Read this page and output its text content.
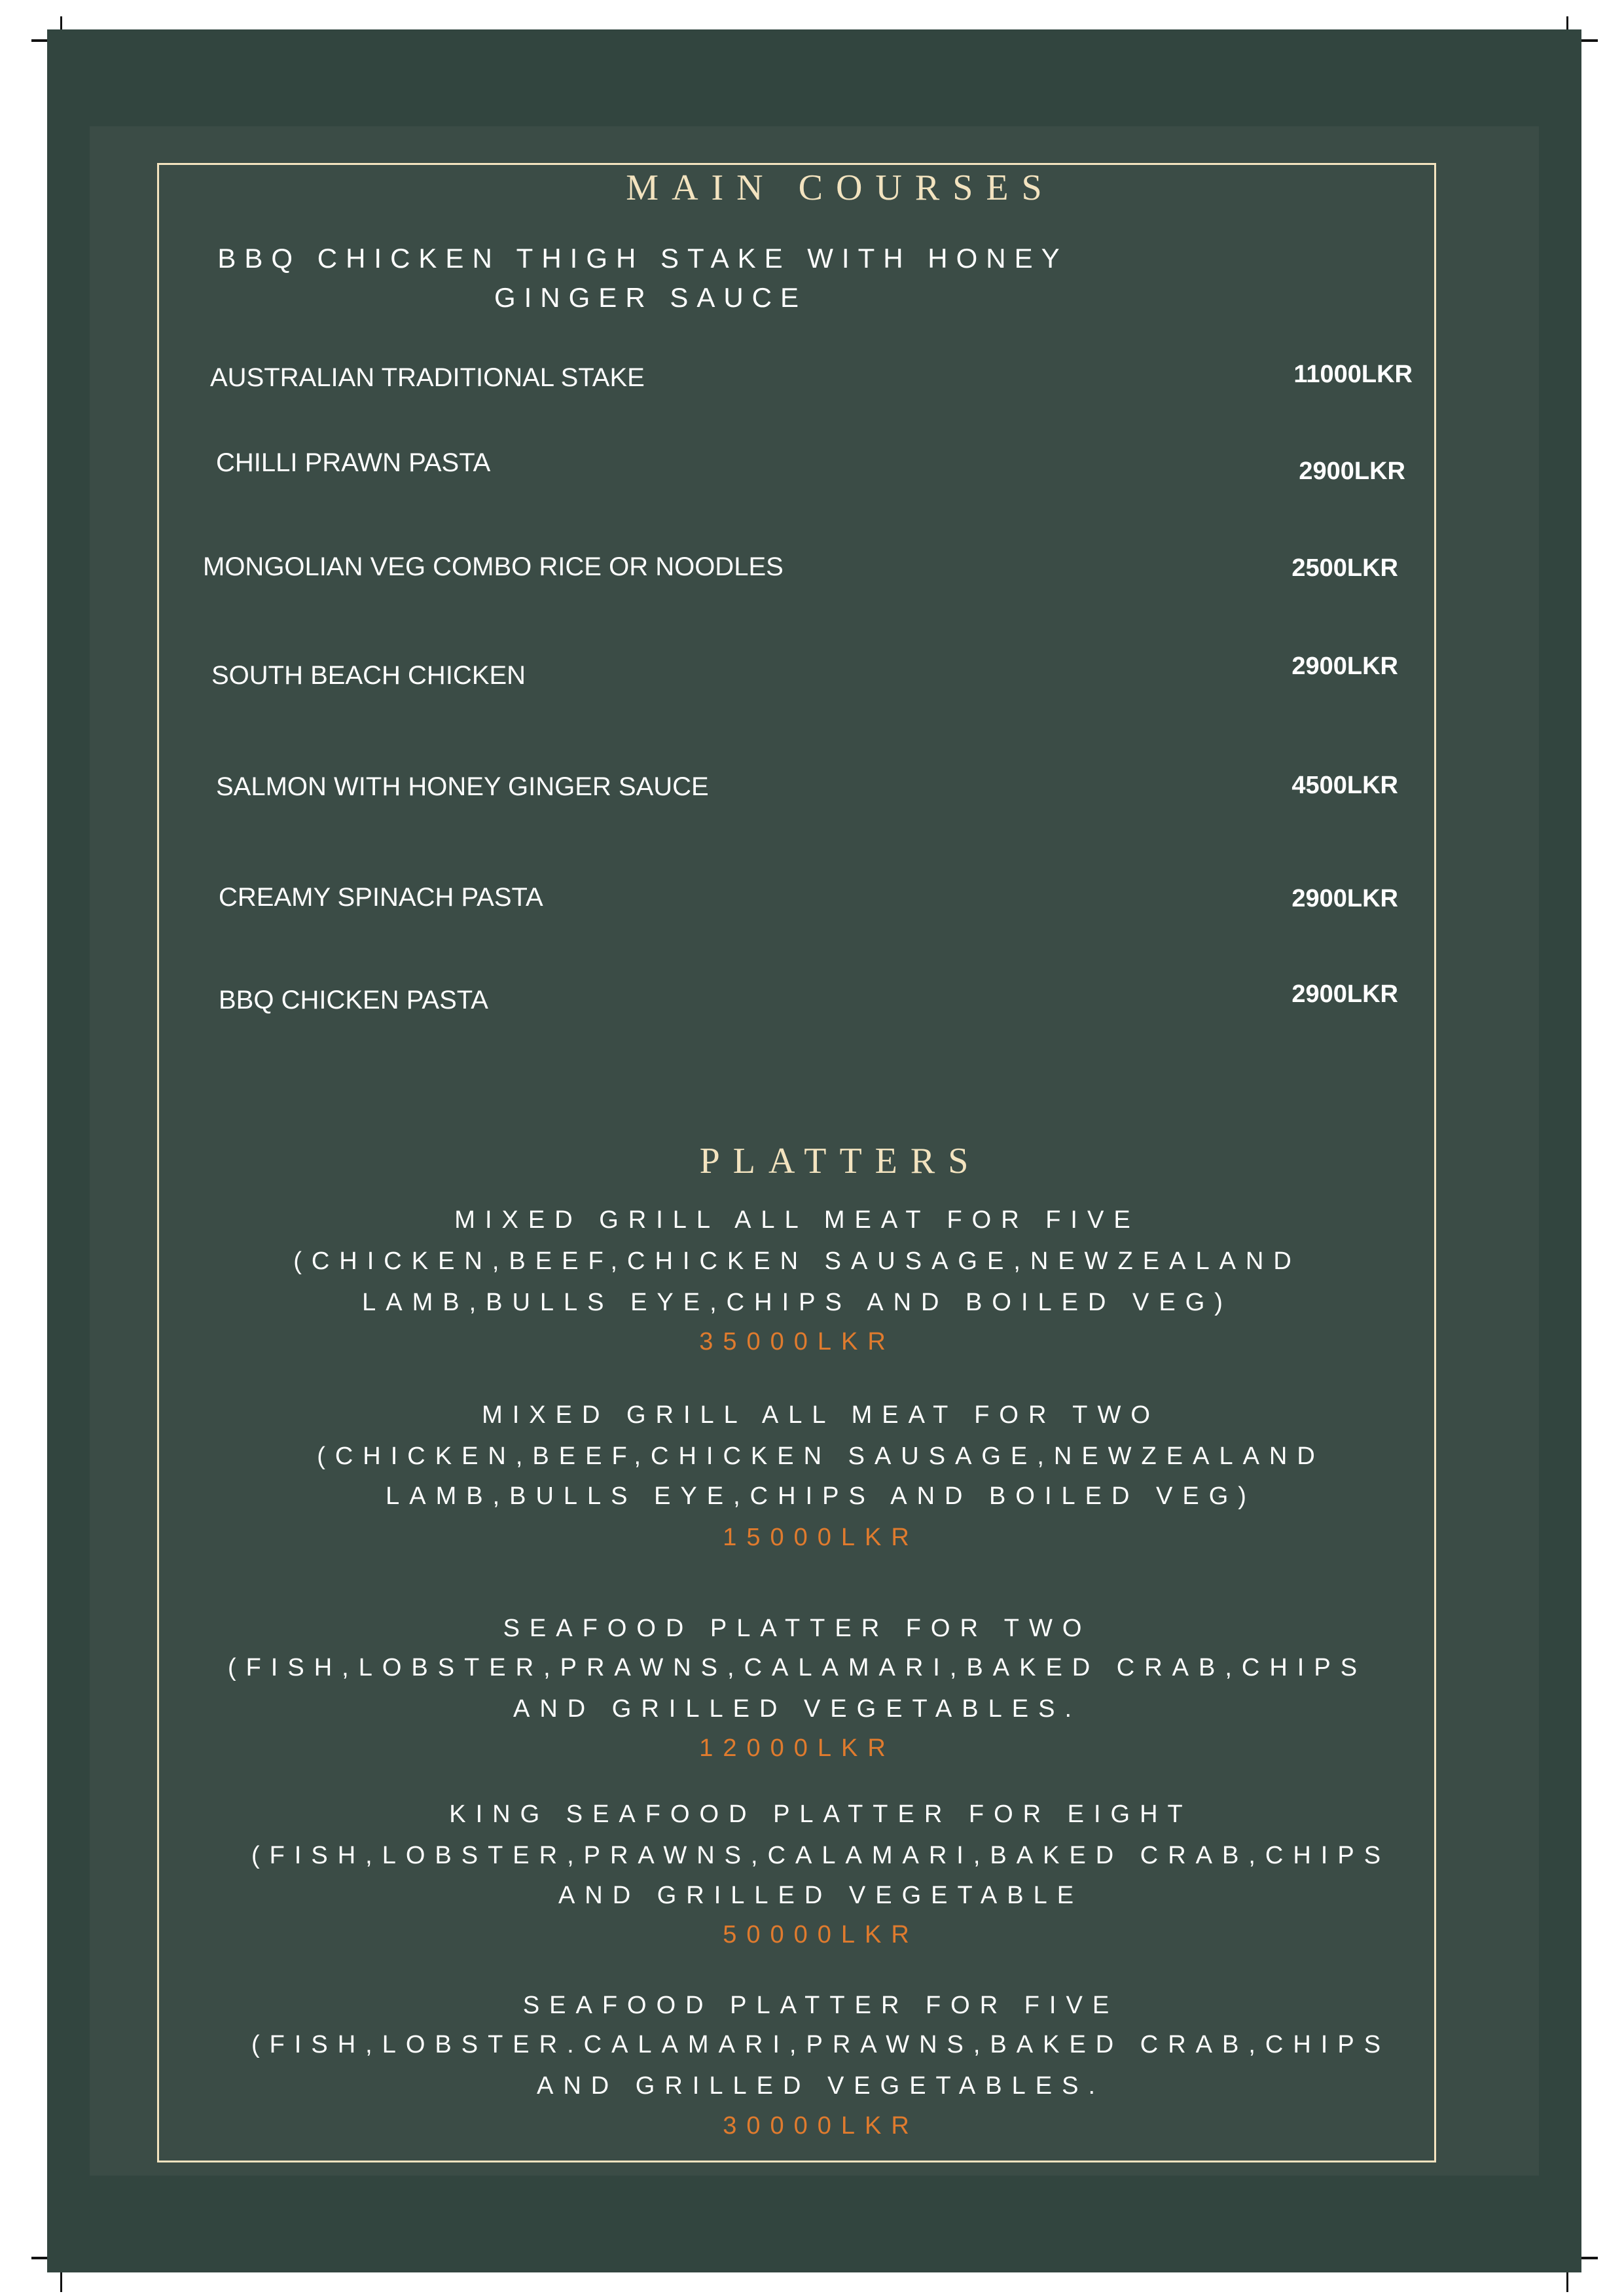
MAIN COURSES
BBQ CHICKEN THIGH STAKE WITH HONEY
GINGER SAUCE
AUSTRALIAN TRADITIONAL STAKE	11000LKR
CHILLI PRAWN PASTA	2900LKR
MONGOLIAN VEG COMBO RICE OR NOODLES	2500LKR
SOUTH BEACH CHICKEN	2900LKR
SALMON WITH HONEY GINGER SAUCE	4500LKR
CREAMY SPINACH PASTA	2900LKR
BBQ CHICKEN PASTA	2900LKR
PLATTERS
MIXED GRILL ALL MEAT FOR FIVE
(CHICKEN,BEEF,CHICKEN SAUSAGE,NEWZEALAND
LAMB,BULLS EYE,CHIPS AND BOILED VEG)
35000LKR
MIXED GRILL ALL MEAT FOR TWO
(CHICKEN,BEEF,CHICKEN SAUSAGE,NEWZEALAND
LAMB,BULLS EYE,CHIPS AND BOILED VEG)
15000LKR
SEAFOOD PLATTER FOR TWO
(FISH,LOBSTER,PRAWNS,CALAMARI,BAKED CRAB,CHIPS
AND GRILLED VEGETABLES.
12000LKR
KING SEAFOOD PLATTER FOR EIGHT
(FISH,LOBSTER,PRAWNS,CALAMARI,BAKED CRAB,CHIPS
AND GRILLED VEGETABLE
50000LKR
SEAFOOD PLATTER FOR FIVE
(FISH,LOBSTER.CALAMARI,PRAWNS,BAKED CRAB,CHIPS
AND GRILLED VEGETABLES.
30000LKR
